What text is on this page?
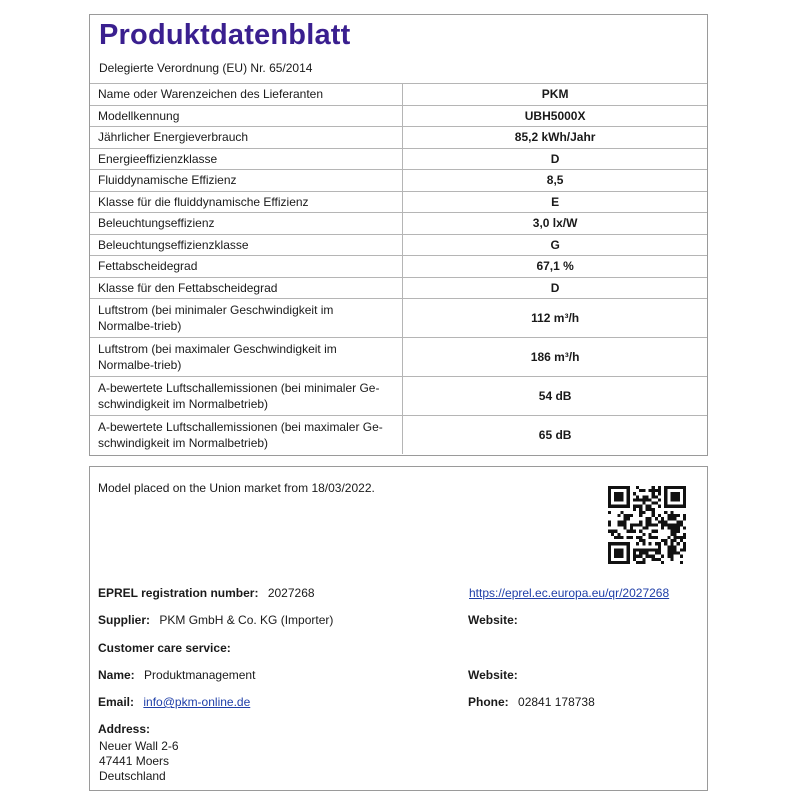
Produktdatenblatt
Delegierte Verordnung (EU) Nr. 65/2014
Name oder Warenzeichen des Lieferanten	PKM
Modellkennung	UBH5000X
Jährlicher Energieverbrauch	85,2 kWh/Jahr
Energieeffizienzklasse	D
Fluiddynamische Effizienz	8,5
Klasse für die fluiddynamische Effizienz	E
Beleuchtungseffizienz	3,0 lx/W
Beleuchtungseffizienzklasse	G
Fettabscheidegrad	67,1 %
Klasse für den Fettabscheidegrad	D
Luftstrom (bei minimaler Geschwindigkeit im Normalbe-trieb)	112 m³/h
Luftstrom (bei maximaler Geschwindigkeit im Normalbe-trieb)	186 m³/h
A-bewertete Luftschallemissionen (bei minimaler Ge-schwindigkeit im Normalbetrieb)	54 dB
A-bewertete Luftschallemissionen (bei maximaler Ge-schwindigkeit im Normalbetrieb)	65 dB
Model placed on the Union market from 18/03/2022.
EPREL registration number: 2027268	https://eprel.ec.europa.eu/qr/2027268
Supplier: PKM GmbH & Co. KG (Importer)	Website:
Customer care service:
Name: Produktmanagement	Website:
Email: info@pkm-online.de	Phone: 02841 178738
Address:
Neuer Wall 2-6
47441 Moers
Deutschland
